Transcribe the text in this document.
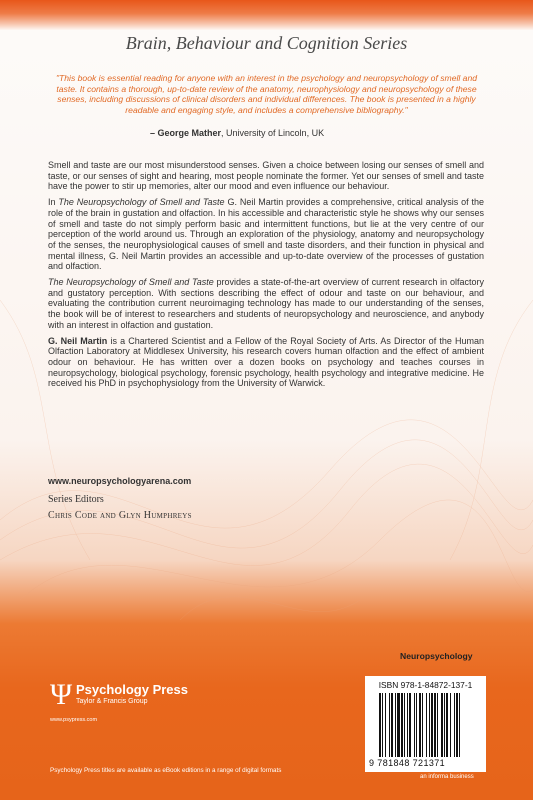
Brain, Behaviour and Cognition Series
"This book is essential reading for anyone with an interest in the psychology and neuropsychology of smell and taste. It contains a thorough, up-to-date review of the anatomy, neurophysiology and neuropsychology of these senses, including discussions of clinical disorders and individual differences. The book is presented in a highly readable and engaging style, and includes a comprehensive bibliography."
– George Mather, University of Lincoln, UK

Smell and taste are our most misunderstood senses. Given a choice between losing our senses of smell and taste, or our senses of sight and hearing, most people nominate the former. Yet our senses of smell and taste have the power to stir up memories, alter our mood and even influence our behaviour.

In The Neuropsychology of Smell and Taste G. Neil Martin provides a comprehensive, critical analysis of the role of the brain in gustation and olfaction. In his accessible and characteristic style he shows why our senses of smell and taste do not simply perform basic and intermittent functions, but lie at the very centre of our perception of the world around us. Through an exploration of the physiology, anatomy and neuropsychology of the senses, the neurophysiological causes of smell and taste disorders, and their function in physical and mental illness, G. Neil Martin provides an accessible and up-to-date overview of the processes of gustation and olfaction.

The Neuropsychology of Smell and Taste provides a state-of-the-art overview of current research in olfactory and gustatory perception. With sections describing the effect of odour and taste on our behaviour, and evaluating the contribution current neuroimaging technology has made to our understanding of the senses, the book will be of interest to researchers and students of neuropsychology and neuroscience, and anybody with an interest in olfaction and gustation.

G. Neil Martin is a Chartered Scientist and a Fellow of the Royal Society of Arts. As Director of the Human Olfaction Laboratory at Middlesex University, his research covers human olfaction and the effect of ambient odour on behaviour. He has written over a dozen books on psychology and teaches courses in neuropsychology, biological psychology, forensic psychology, health psychology and integrative medicine. He received his PhD in psychophysiology from the University of Warwick.

www.neuropsychologyarena.com
Series Editors
Chris Code and Glyn Humphreys
Neuropsychology
Ψ Psychology Press
Taylor & Francis Group
www.psypress.com
Psychology Press titles are available as eBook editions in a range of digital formats
ISBN 978-1-84872-137-1
9 781848 721371
an informa business
